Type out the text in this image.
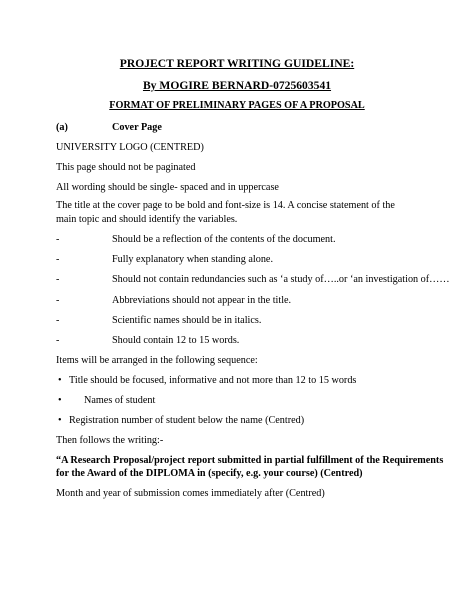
PROJECT REPORT WRITING GUIDELINE:
By MOGIRE BERNARD-0725603541
FORMAT OF PRELIMINARY PAGES OF A PROPOSAL
(a)	Cover Page
UNIVERSITY LOGO (CENTRED)
This page should not be paginated
All wording should be single- spaced and in uppercase
The title at the cover page to be bold and font-size is 14. A concise statement of the main topic and should identify the variables.
-	Should be a reflection of the contents of the document.
-	Fully explanatory when standing alone.
-	Should not contain redundancies such as ‘a study of…..or ‘an investigation of……
-	Abbreviations should not appear in the title.
-	Scientific names should be in italics.
-	Should contain 12 to 15 words.
Items will be arranged in the following sequence:
• Title should be focused, informative and not more than 12 to 15 words
• Names of student
• Registration number of student below the name (Centred)
Then follows the writing:-
“A Research Proposal/project report submitted in partial fulfillment of the Requirements
for the Award of the DIPLOMA in (specify, e.g. your course) (Centred)
Month and year of submission comes immediately after (Centred)
